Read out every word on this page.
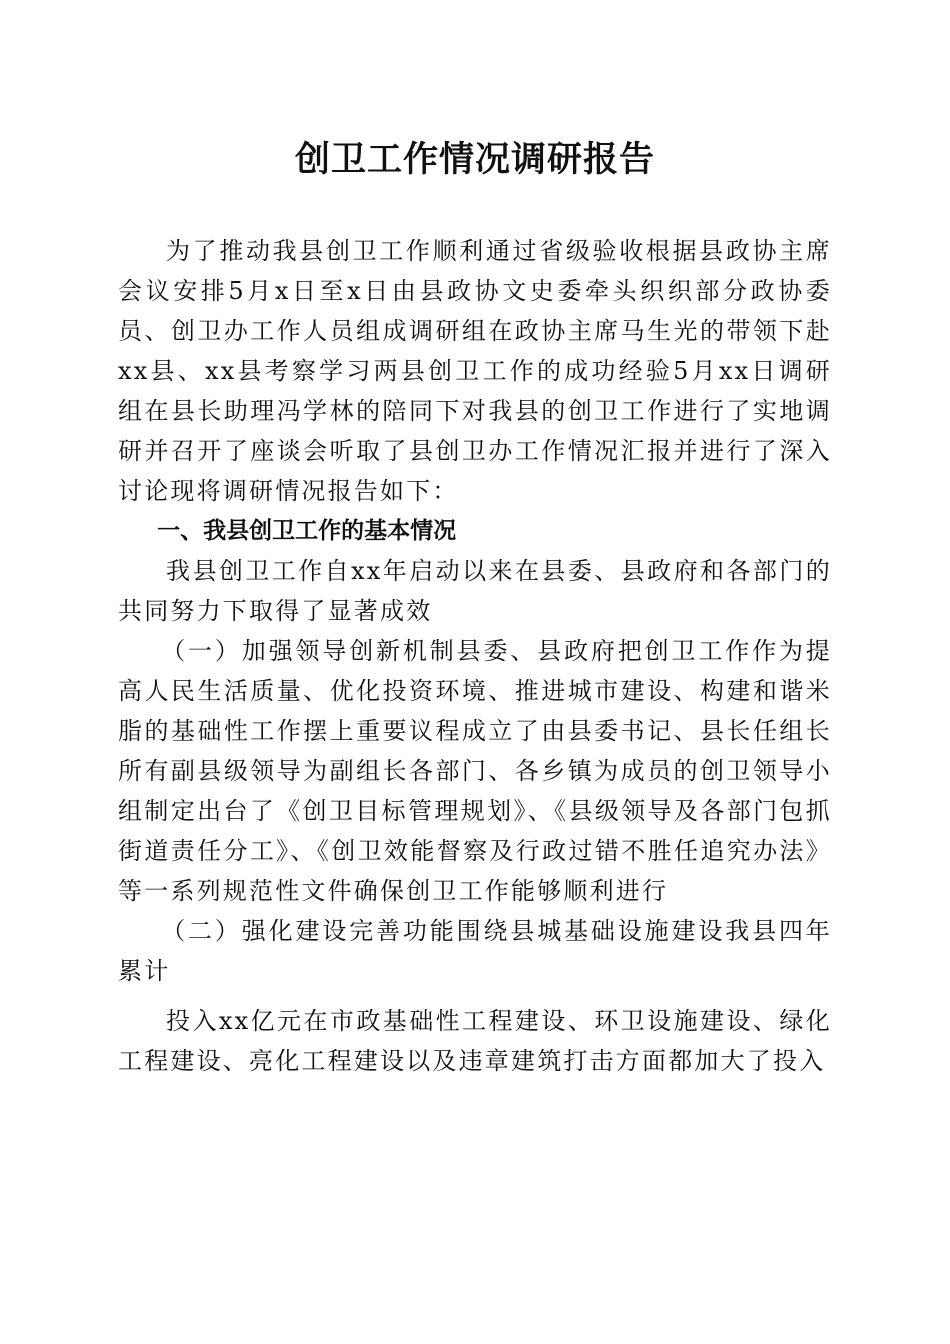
创卫工作情况调研报告

为了推动我县创卫工作顺利通过省级验收根据县政协主席会议安排5月x日至x日由县政协文史委牵头织织部分政协委员、创卫办工作人员组成调研组在政协主席马生光的带领下赴xx县、xx县考察学习两县创卫工作的成功经验5月xx日调研组在县长助理冯学林的陪同下对我县的创卫工作进行了实地调研并召开了座谈会听取了县创卫办工作情况汇报并进行了深入讨论现将调研情况报告如下：

一、我县创卫工作的基本情况

我县创卫工作自xx年启动以来在县委、县政府和各部门的共同努力下取得了显著成效

（一）加强领导创新机制县委、县政府把创卫工作作为提高人民生活质量、优化投资环境、推进城市建设、构建和谐米脂的基础性工作摆上重要议程成立了由县委书记、县长任组长所有副县级领导为副组长各部门、各乡镇为成员的创卫领导小组制定出台了《创卫目标管理规划》、《县级领导及各部门包抓街道责任分工》、《创卫效能督察及行政过错不胜任追究办法》等一系列规范性文件确保创卫工作能够顺利进行

（二）强化建设完善功能围绕县城基础设施建设我县四年累计

投入xx亿元在市政基础性工程建设、环卫设施建设、绿化工程建设、亮化工程建设以及违章建筑打击方面都加大了投入
